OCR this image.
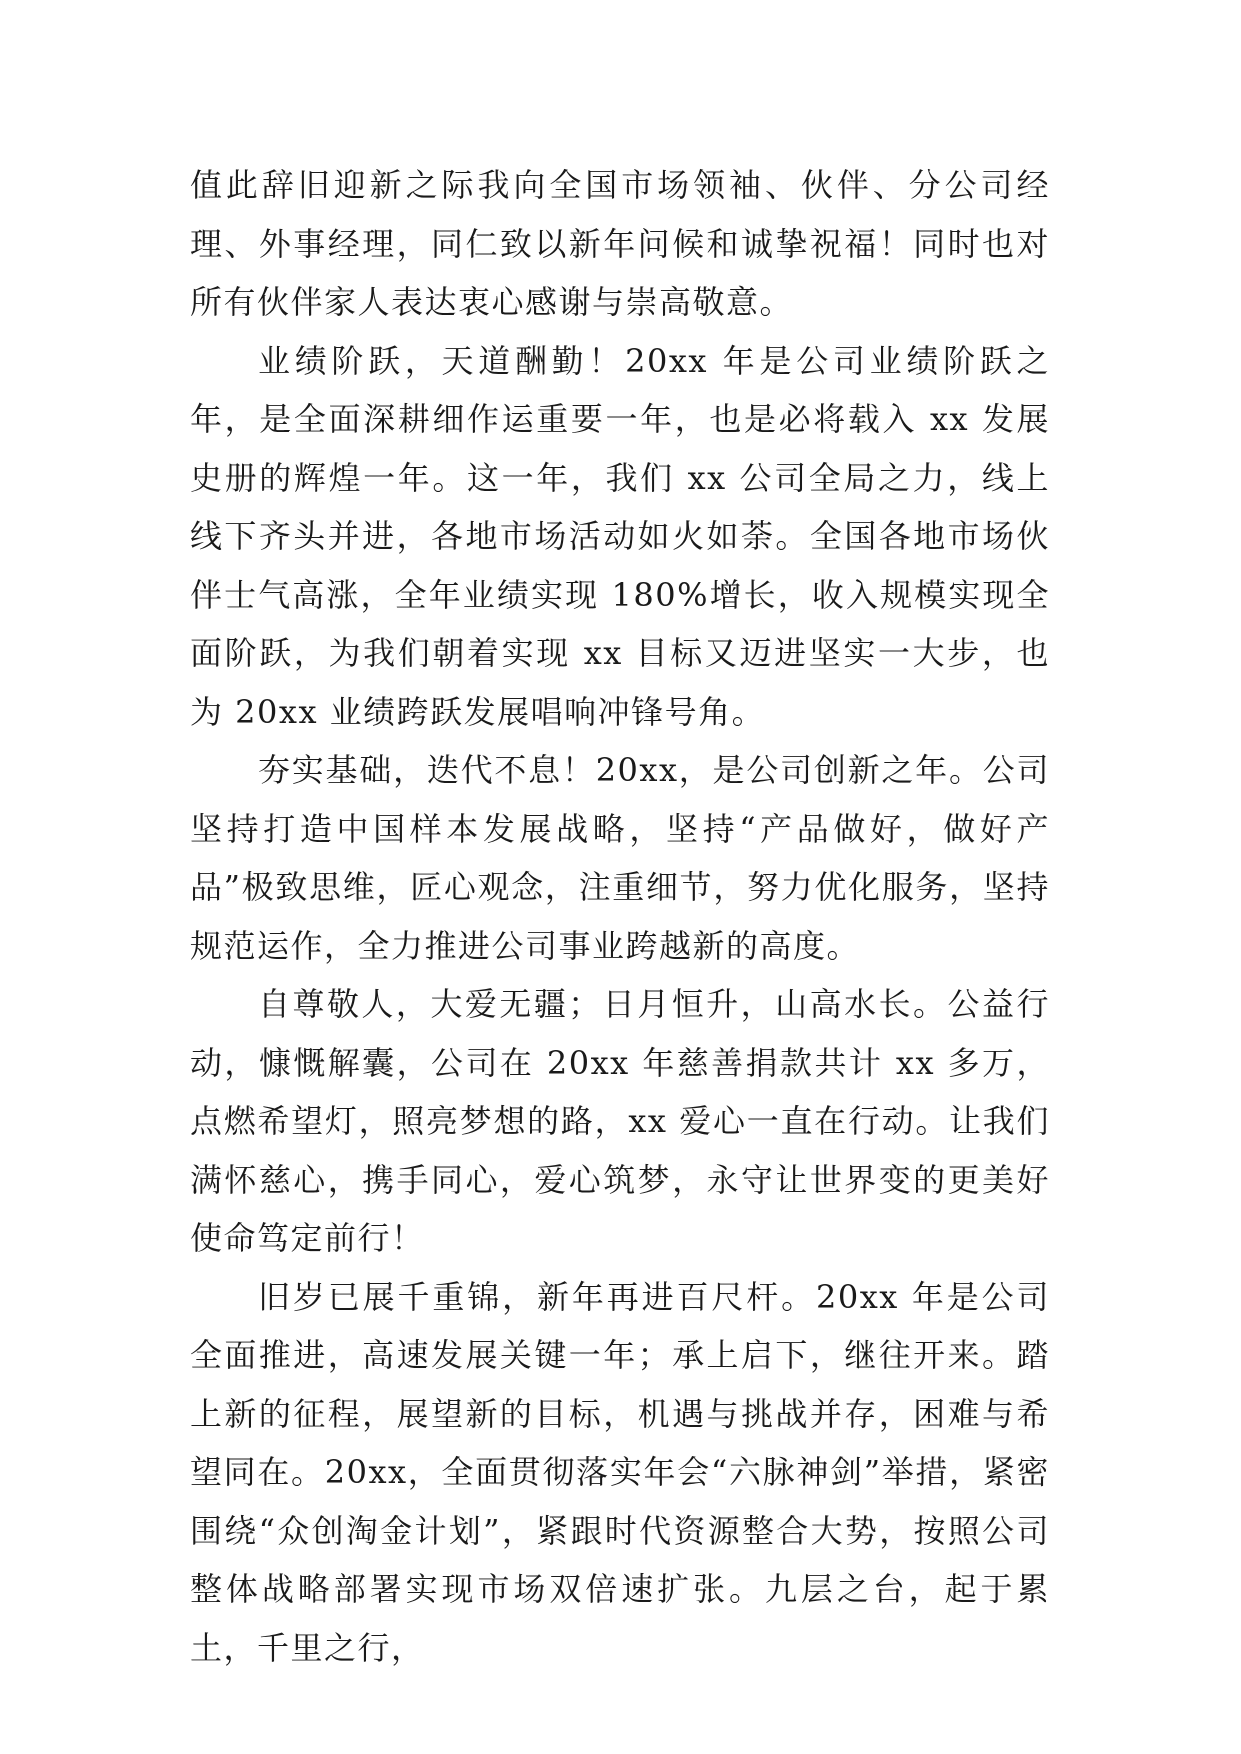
值此辞旧迎新之际我向全国市场领袖、伙伴、分公司经理、外事经理，同仁致以新年问候和诚挚祝福！同时也对所有伙伴家人表达衷心感谢与崇高敬意。

业绩阶跃，天道酬勤！20xx 年是公司业绩阶跃之年，是全面深耕细作运重要一年，也是必将载入 xx 发展史册的辉煌一年。这一年，我们 xx 公司全局之力，线上线下齐头并进，各地市场活动如火如荼。全国各地市场伙伴士气高涨，全年业绩实现 180%增长，收入规模实现全面阶跃，为我们朝着实现 xx 目标又迈进坚实一大步，也为 20xx 业绩跨跃发展唱响冲锋号角。

夯实基础，迭代不息！20xx，是公司创新之年。公司坚持打造中国样本发展战略，坚持“产品做好，做好产品”极致思维，匠心观念，注重细节，努力优化服务，坚持规范运作，全力推进公司事业跨越新的高度。

自尊敬人，大爱无疆；日月恒升，山高水长。公益行动，慷慨解囊，公司在 20xx 年慈善捐款共计 xx 多万，点燃希望灯，照亮梦想的路，xx 爱心一直在行动。让我们满怀慈心，携手同心，爱心筑梦，永守让世界变的更美好使命笃定前行！

旧岁已展千重锦，新年再进百尺杆。20xx 年是公司全面推进，高速发展关键一年；承上启下，继往开来。踏上新的征程，展望新的目标，机遇与挑战并存，困难与希望同在。20xx，全面贯彻落实年会“六脉神剑”举措，紧密围绕“众创淘金计划”，紧跟时代资源整合大势，按照公司整体战略部署实现市场双倍速扩张。九层之台，起于累土，千里之行，
